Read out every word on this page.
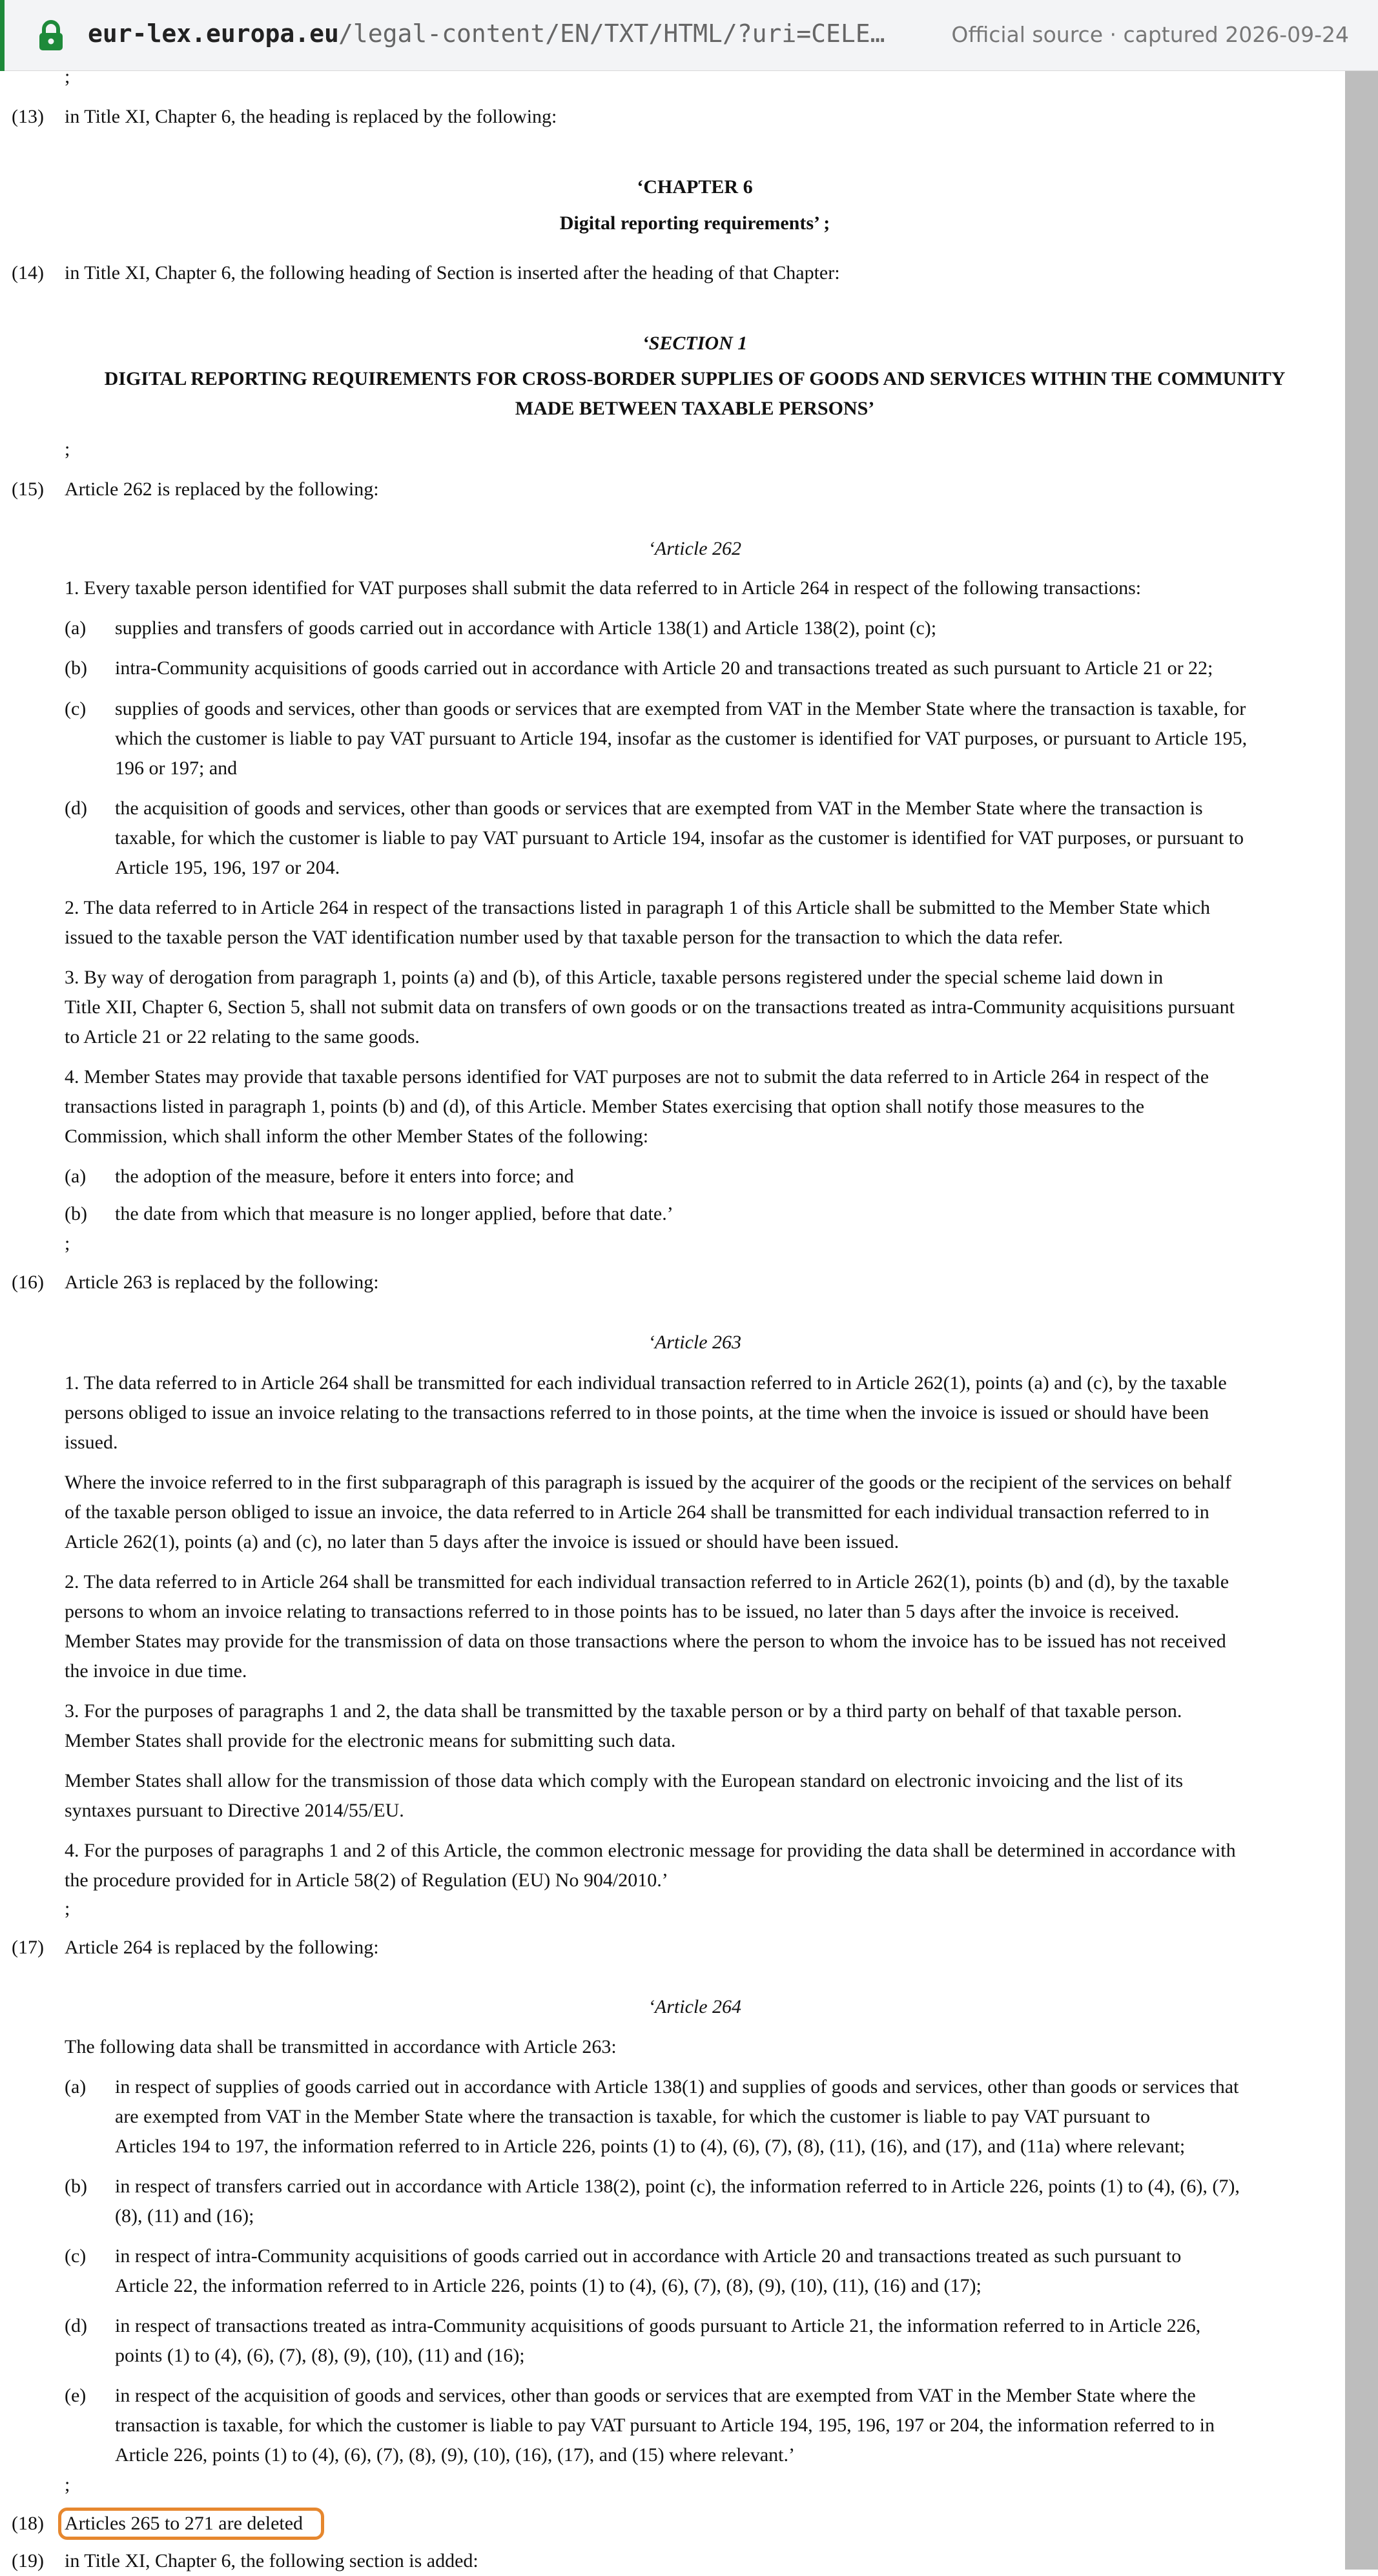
eur-lex.europa.eu /legal-content/EN/TXT/HTML/?uri=CELE…	Official source · captured 2026-09-24
;
(13) in Title XI, Chapter 6, the heading is replaced by the following:
‘CHAPTER 6
Digital reporting requirements’ ;
(14) in Title XI, Chapter 6, the following heading of Section is inserted after the heading of that Chapter:
‘SECTION 1
DIGITAL REPORTING REQUIREMENTS FOR CROSS-BORDER SUPPLIES OF GOODS AND SERVICES WITHIN THE COMMUNITY
MADE BETWEEN TAXABLE PERSONS’
;
(15) Article 262 is replaced by the following:
‘Article 262
1. Every taxable person identified for VAT purposes shall submit the data referred to in Article 264 in respect of the following transactions:
(a) supplies and transfers of goods carried out in accordance with Article 138(1) and Article 138(2), point (c);
(b) intra-Community acquisitions of goods carried out in accordance with Article 20 and transactions treated as such pursuant to Article 21 or 22;
(c) supplies of goods and services, other than goods or services that are exempted from VAT in the Member State where the transaction is taxable, for
which the customer is liable to pay VAT pursuant to Article 194, insofar as the customer is identified for VAT purposes, or pursuant to Article 195,
196 or 197; and
(d) the acquisition of goods and services, other than goods or services that are exempted from VAT in the Member State where the transaction is
taxable, for which the customer is liable to pay VAT pursuant to Article 194, insofar as the customer is identified for VAT purposes, or pursuant to
Article 195, 196, 197 or 204.
2. The data referred to in Article 264 in respect of the transactions listed in paragraph 1 of this Article shall be submitted to the Member State which
issued to the taxable person the VAT identification number used by that taxable person for the transaction to which the data refer.
3. By way of derogation from paragraph 1, points (a) and (b), of this Article, taxable persons registered under the special scheme laid down in
Title XII, Chapter 6, Section 5, shall not submit data on transfers of own goods or on the transactions treated as intra-Community acquisitions pursuant
to Article 21 or 22 relating to the same goods.
4. Member States may provide that taxable persons identified for VAT purposes are not to submit the data referred to in Article 264 in respect of the
transactions listed in paragraph 1, points (b) and (d), of this Article. Member States exercising that option shall notify those measures to the
Commission, which shall inform the other Member States of the following:
(a) the adoption of the measure, before it enters into force; and
(b) the date from which that measure is no longer applied, before that date.’
;
(16) Article 263 is replaced by the following:
‘Article 263
1. The data referred to in Article 264 shall be transmitted for each individual transaction referred to in Article 262(1), points (a) and (c), by the taxable
persons obliged to issue an invoice relating to the transactions referred to in those points, at the time when the invoice is issued or should have been
issued.
Where the invoice referred to in the first subparagraph of this paragraph is issued by the acquirer of the goods or the recipient of the services on behalf
of the taxable person obliged to issue an invoice, the data referred to in Article 264 shall be transmitted for each individual transaction referred to in
Article 262(1), points (a) and (c), no later than 5 days after the invoice is issued or should have been issued.
2. The data referred to in Article 264 shall be transmitted for each individual transaction referred to in Article 262(1), points (b) and (d), by the taxable
persons to whom an invoice relating to transactions referred to in those points has to be issued, no later than 5 days after the invoice is received.
Member States may provide for the transmission of data on those transactions where the person to whom the invoice has to be issued has not received
the invoice in due time.
3. For the purposes of paragraphs 1 and 2, the data shall be transmitted by the taxable person or by a third party on behalf of that taxable person.
Member States shall provide for the electronic means for submitting such data.
Member States shall allow for the transmission of those data which comply with the European standard on electronic invoicing and the list of its
syntaxes pursuant to Directive 2014/55/EU.
4. For the purposes of paragraphs 1 and 2 of this Article, the common electronic message for providing the data shall be determined in accordance with
the procedure provided for in Article 58(2) of Regulation (EU) No 904/2010.’
;
(17) Article 264 is replaced by the following:
‘Article 264
The following data shall be transmitted in accordance with Article 263:
(a) in respect of supplies of goods carried out in accordance with Article 138(1) and supplies of goods and services, other than goods or services that
are exempted from VAT in the Member State where the transaction is taxable, for which the customer is liable to pay VAT pursuant to
Articles 194 to 197, the information referred to in Article 226, points (1) to (4), (6), (7), (8), (11), (16), and (17), and (11a) where relevant;
(b) in respect of transfers carried out in accordance with Article 138(2), point (c), the information referred to in Article 226, points (1) to (4), (6), (7),
(8), (11) and (16);
(c) in respect of intra-Community acquisitions of goods carried out in accordance with Article 20 and transactions treated as such pursuant to
Article 22, the information referred to in Article 226, points (1) to (4), (6), (7), (8), (9), (10), (11), (16) and (17);
(d) in respect of transactions treated as intra-Community acquisitions of goods pursuant to Article 21, the information referred to in Article 226,
points (1) to (4), (6), (7), (8), (9), (10), (11) and (16);
(e) in respect of the acquisition of goods and services, other than goods or services that are exempted from VAT in the Member State where the
transaction is taxable, for which the customer is liable to pay VAT pursuant to Article 194, 195, 196, 197 or 204, the information referred to in
Article 226, points (1) to (4), (6), (7), (8), (9), (10), (16), (17), and (15) where relevant.’
;
(18) Articles 265 to 271 are deleted
(19) in Title XI, Chapter 6, the following section is added:
